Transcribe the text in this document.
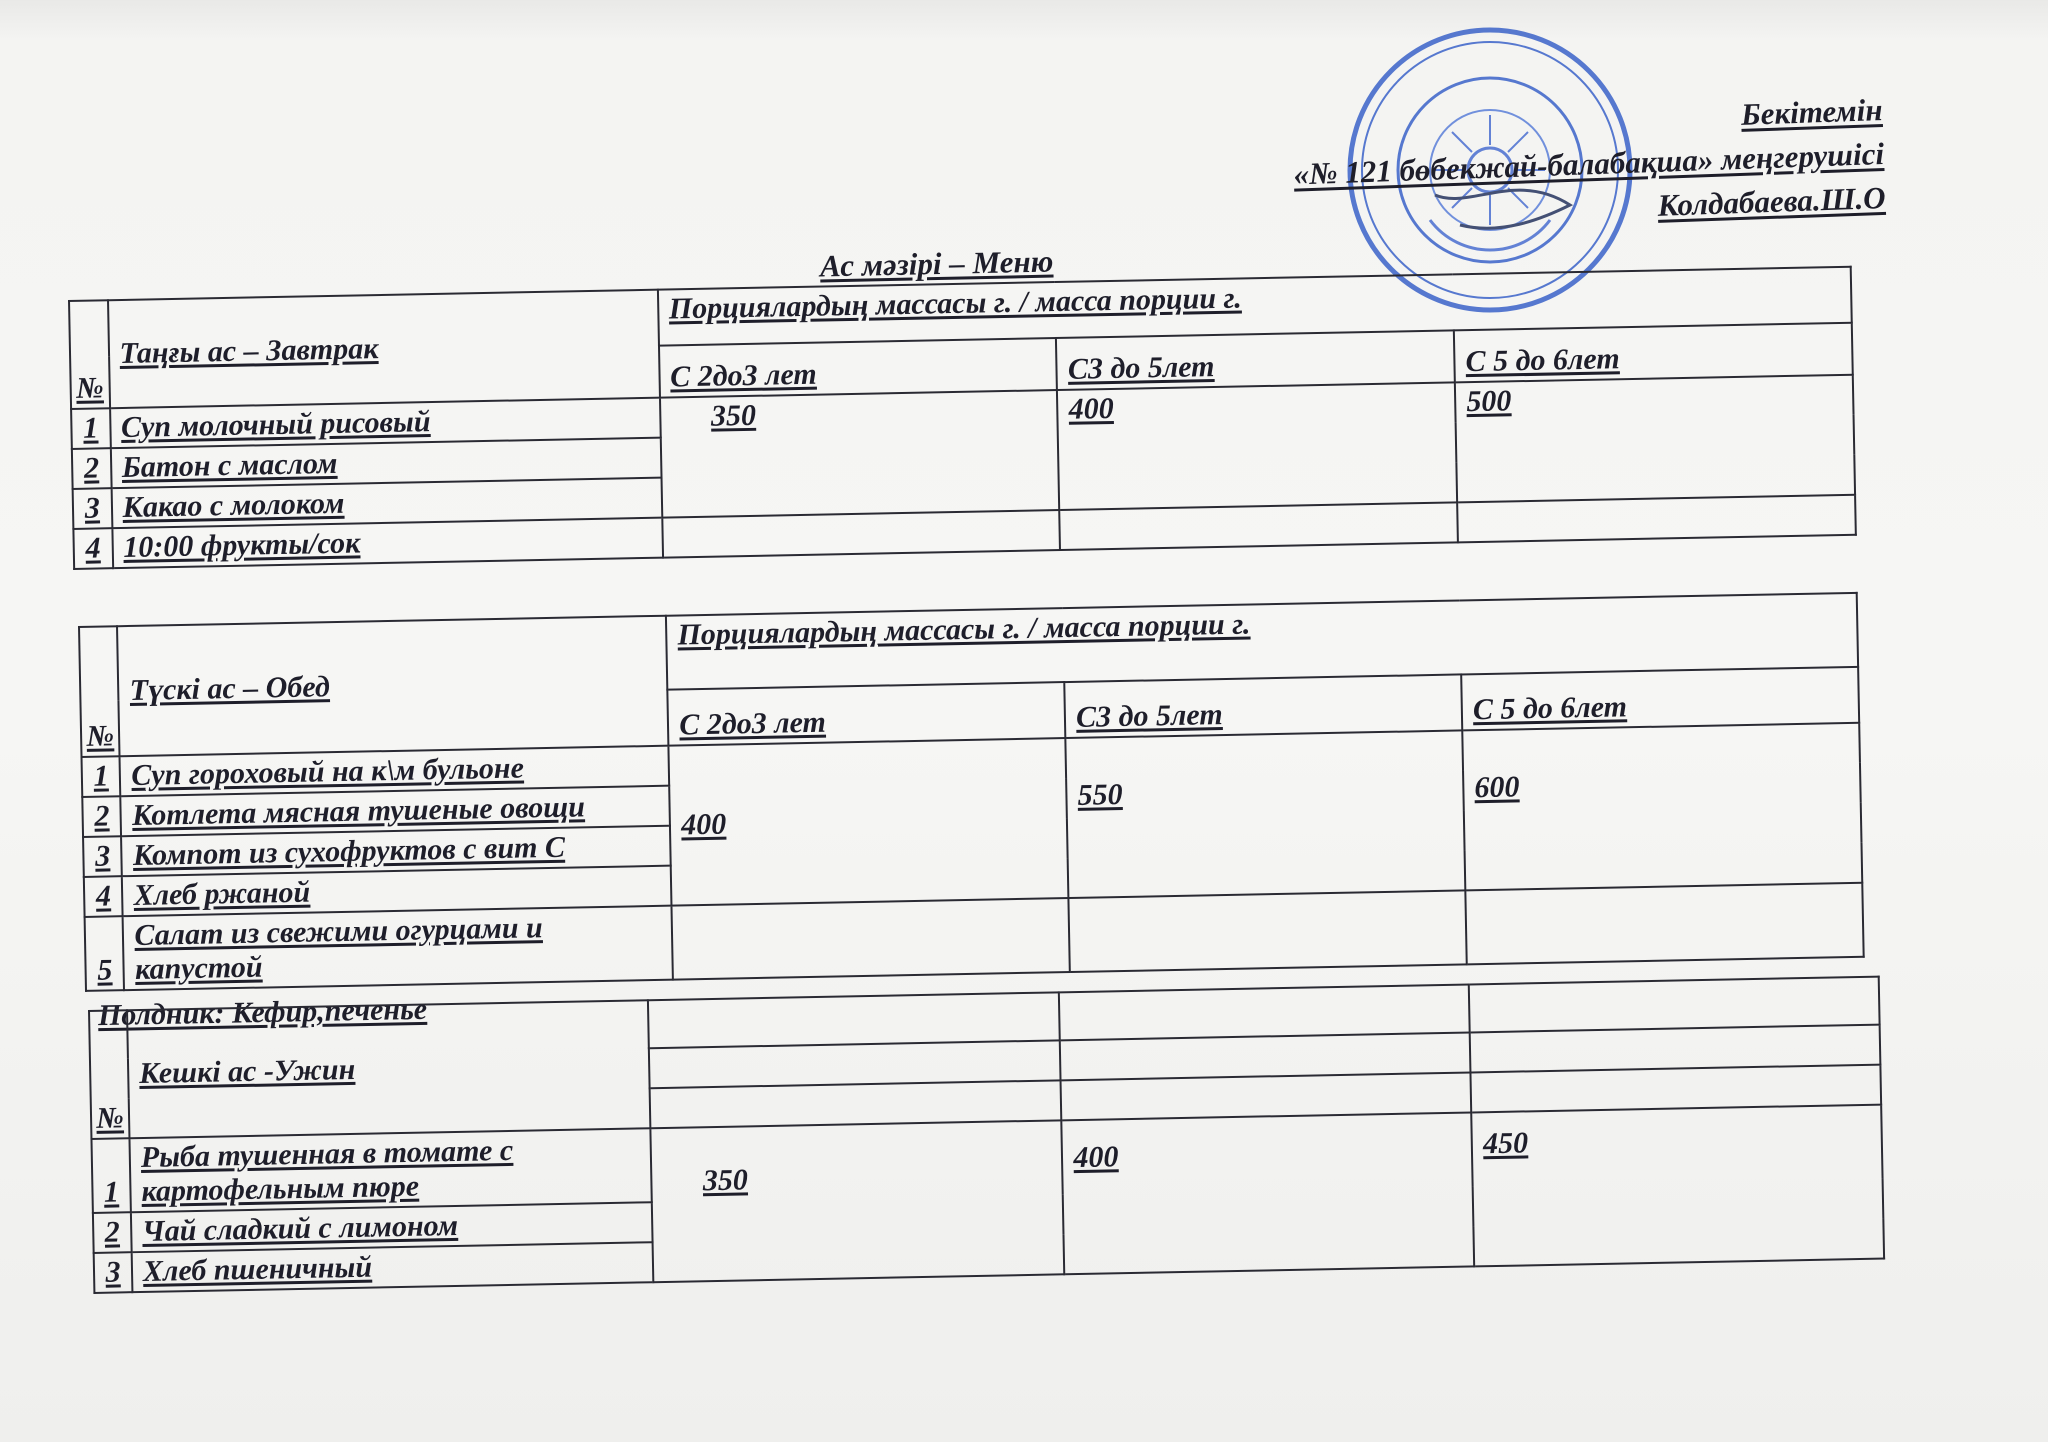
Бекітемін
«№ 121 бөбекжай-балабақша» меңгерушісі
Колдабаева.Ш.О
Ас мәзірі – Меню
№	Таңғы ас – Завтрак	Порциялардың массасы г. / масса порции г.		
		С 2до3 лет	С3 до 5лет	С 5 до 6лет
1	Суп молочный рисовый	350	400	500
2	Батон с маслом			
3	Какао с молоком			
4	10:00 фрукты/сок			
№	Түскі ас – Обед	Порциялардың массасы г. / масса порции г.		
		С 2до3 лет	С3 до 5лет	С 5 до 6лет
1	Суп гороховый на к\м бульоне	400	550	600
2	Котлета мясная тушеные овощи			
3	Компот из сухофруктов с вит С			
4	Хлеб ржаной			
5	Салат из свежими огурцами и капустой			
Полдник: Кефир,печенье
№	Кешкі ас -Ужин			

1	Рыба тушенная в томате с картофельным пюре	350	400	450
2	Чай сладкий с лимоном			
3	Хлеб пшеничный			
